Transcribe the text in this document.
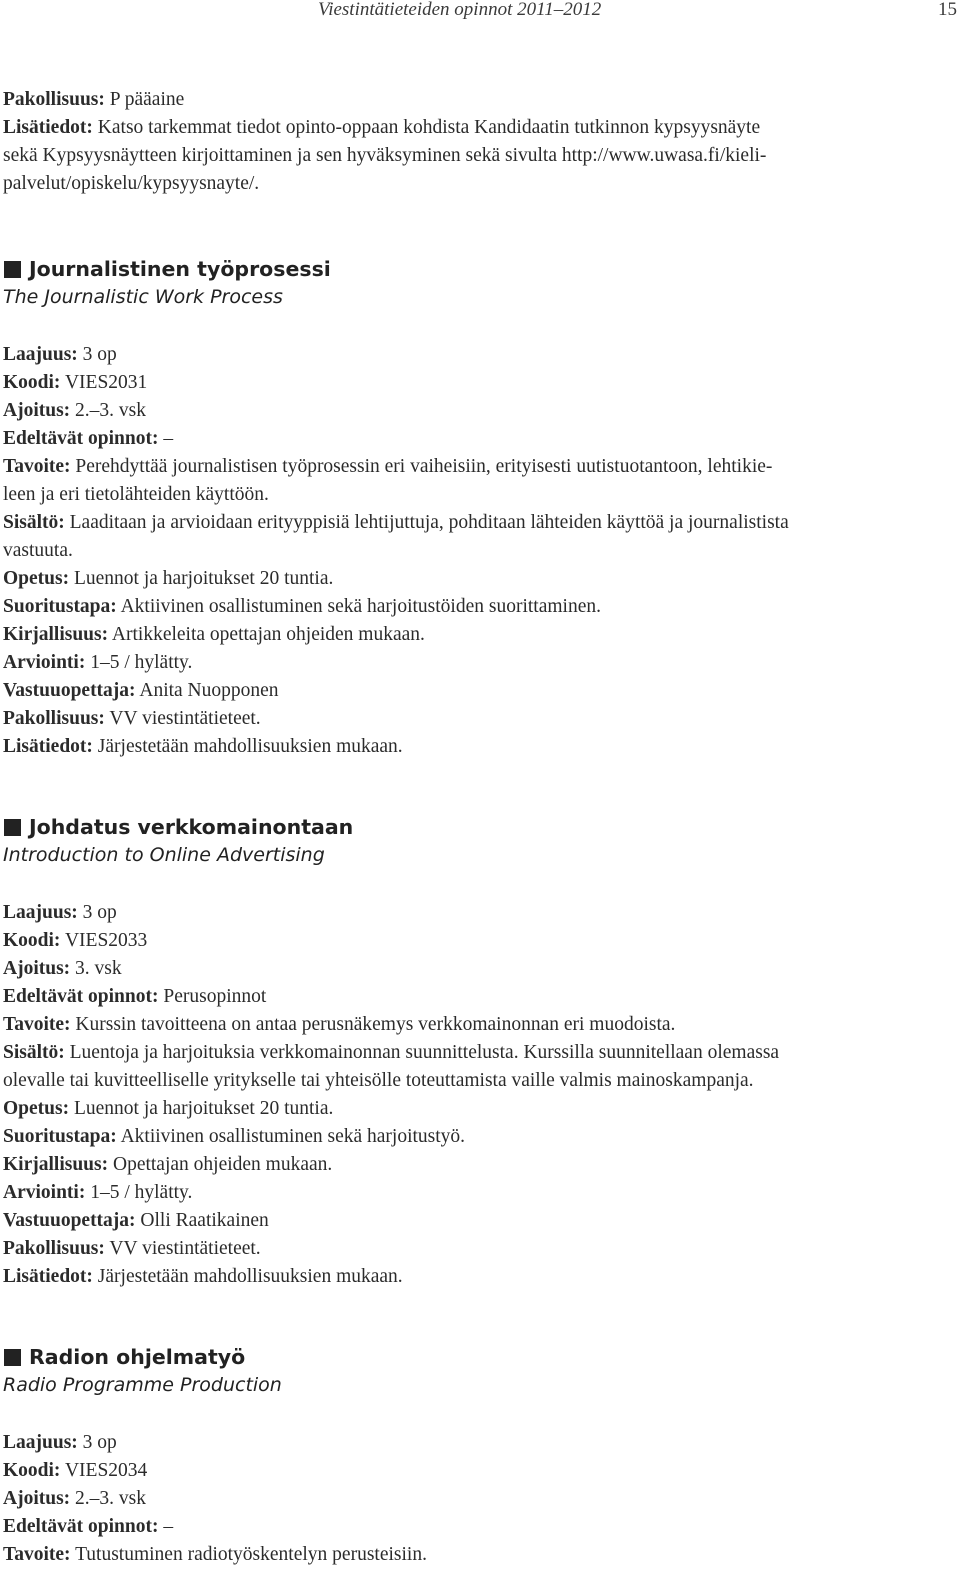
Viestintätieteiden opinnot 2011–2012	15

Pakollisuus: P pääaine

Lisätiedot: Katso tarkemmat tiedot opinto-oppaan kohdista Kandidaatin tutkinnon kypsyysnäyte

sekä Kypsyysnäytteen kirjoittaminen ja sen hyväksyminen sekä sivulta http://www.uwasa.fi/kieli-

palvelut/opiskelu/kypsyysnayte/.

Journalistinen työprosessi
The Journalistic Work Process

Laajuus: 3 op

Koodi: VIES2031

Ajoitus: 2.–3. vsk

Edeltävät opinnot: –

Tavoite: Perehdyttää journalistisen työprosessin eri vaiheisiin, erityisesti uutistuotantoon, lehtikie-

leen ja eri tietolähteiden käyttöön.

Sisältö: Laaditaan ja arvioidaan erityyppisiä lehtijuttuja, pohditaan lähteiden käyttöä ja journalistista

vastuuta.

Opetus: Luennot ja harjoitukset 20 tuntia.

Suoritustapa: Aktiivinen osallistuminen sekä harjoitustöiden suorittaminen.

Kirjallisuus: Artikkeleita opettajan ohjeiden mukaan.

Arviointi: 1–5 / hylätty.

Vastuuopettaja: Anita Nuopponen

Pakollisuus: VV viestintätieteet.

Lisätiedot: Järjestetään mahdollisuuksien mukaan.

Johdatus verkkomainontaan
Introduction to Online Advertising

Laajuus: 3 op

Koodi: VIES2033

Ajoitus: 3. vsk

Edeltävät opinnot: Perusopinnot

Tavoite: Kurssin tavoitteena on antaa perusnäkemys verkkomainonnan eri muodoista.

Sisältö: Luentoja ja harjoituksia verkkomainonnan suunnittelusta. Kurssilla suunnitellaan olemassa

olevalle tai kuvitteelliselle yritykselle tai yhteisölle toteuttamista vaille valmis mainoskampanja.

Opetus: Luennot ja harjoitukset 20 tuntia.

Suoritustapa: Aktiivinen osallistuminen sekä harjoitustyö.

Kirjallisuus: Opettajan ohjeiden mukaan.

Arviointi: 1–5 / hylätty.

Vastuuopettaja: Olli Raatikainen

Pakollisuus: VV viestintätieteet.

Lisätiedot: Järjestetään mahdollisuuksien mukaan.

Radion ohjelmatyö
Radio Programme Production

Laajuus: 3 op

Koodi: VIES2034

Ajoitus: 2.–3. vsk

Edeltävät opinnot: –

Tavoite: Tutustuminen radiotyöskentelyn perusteisiin.
